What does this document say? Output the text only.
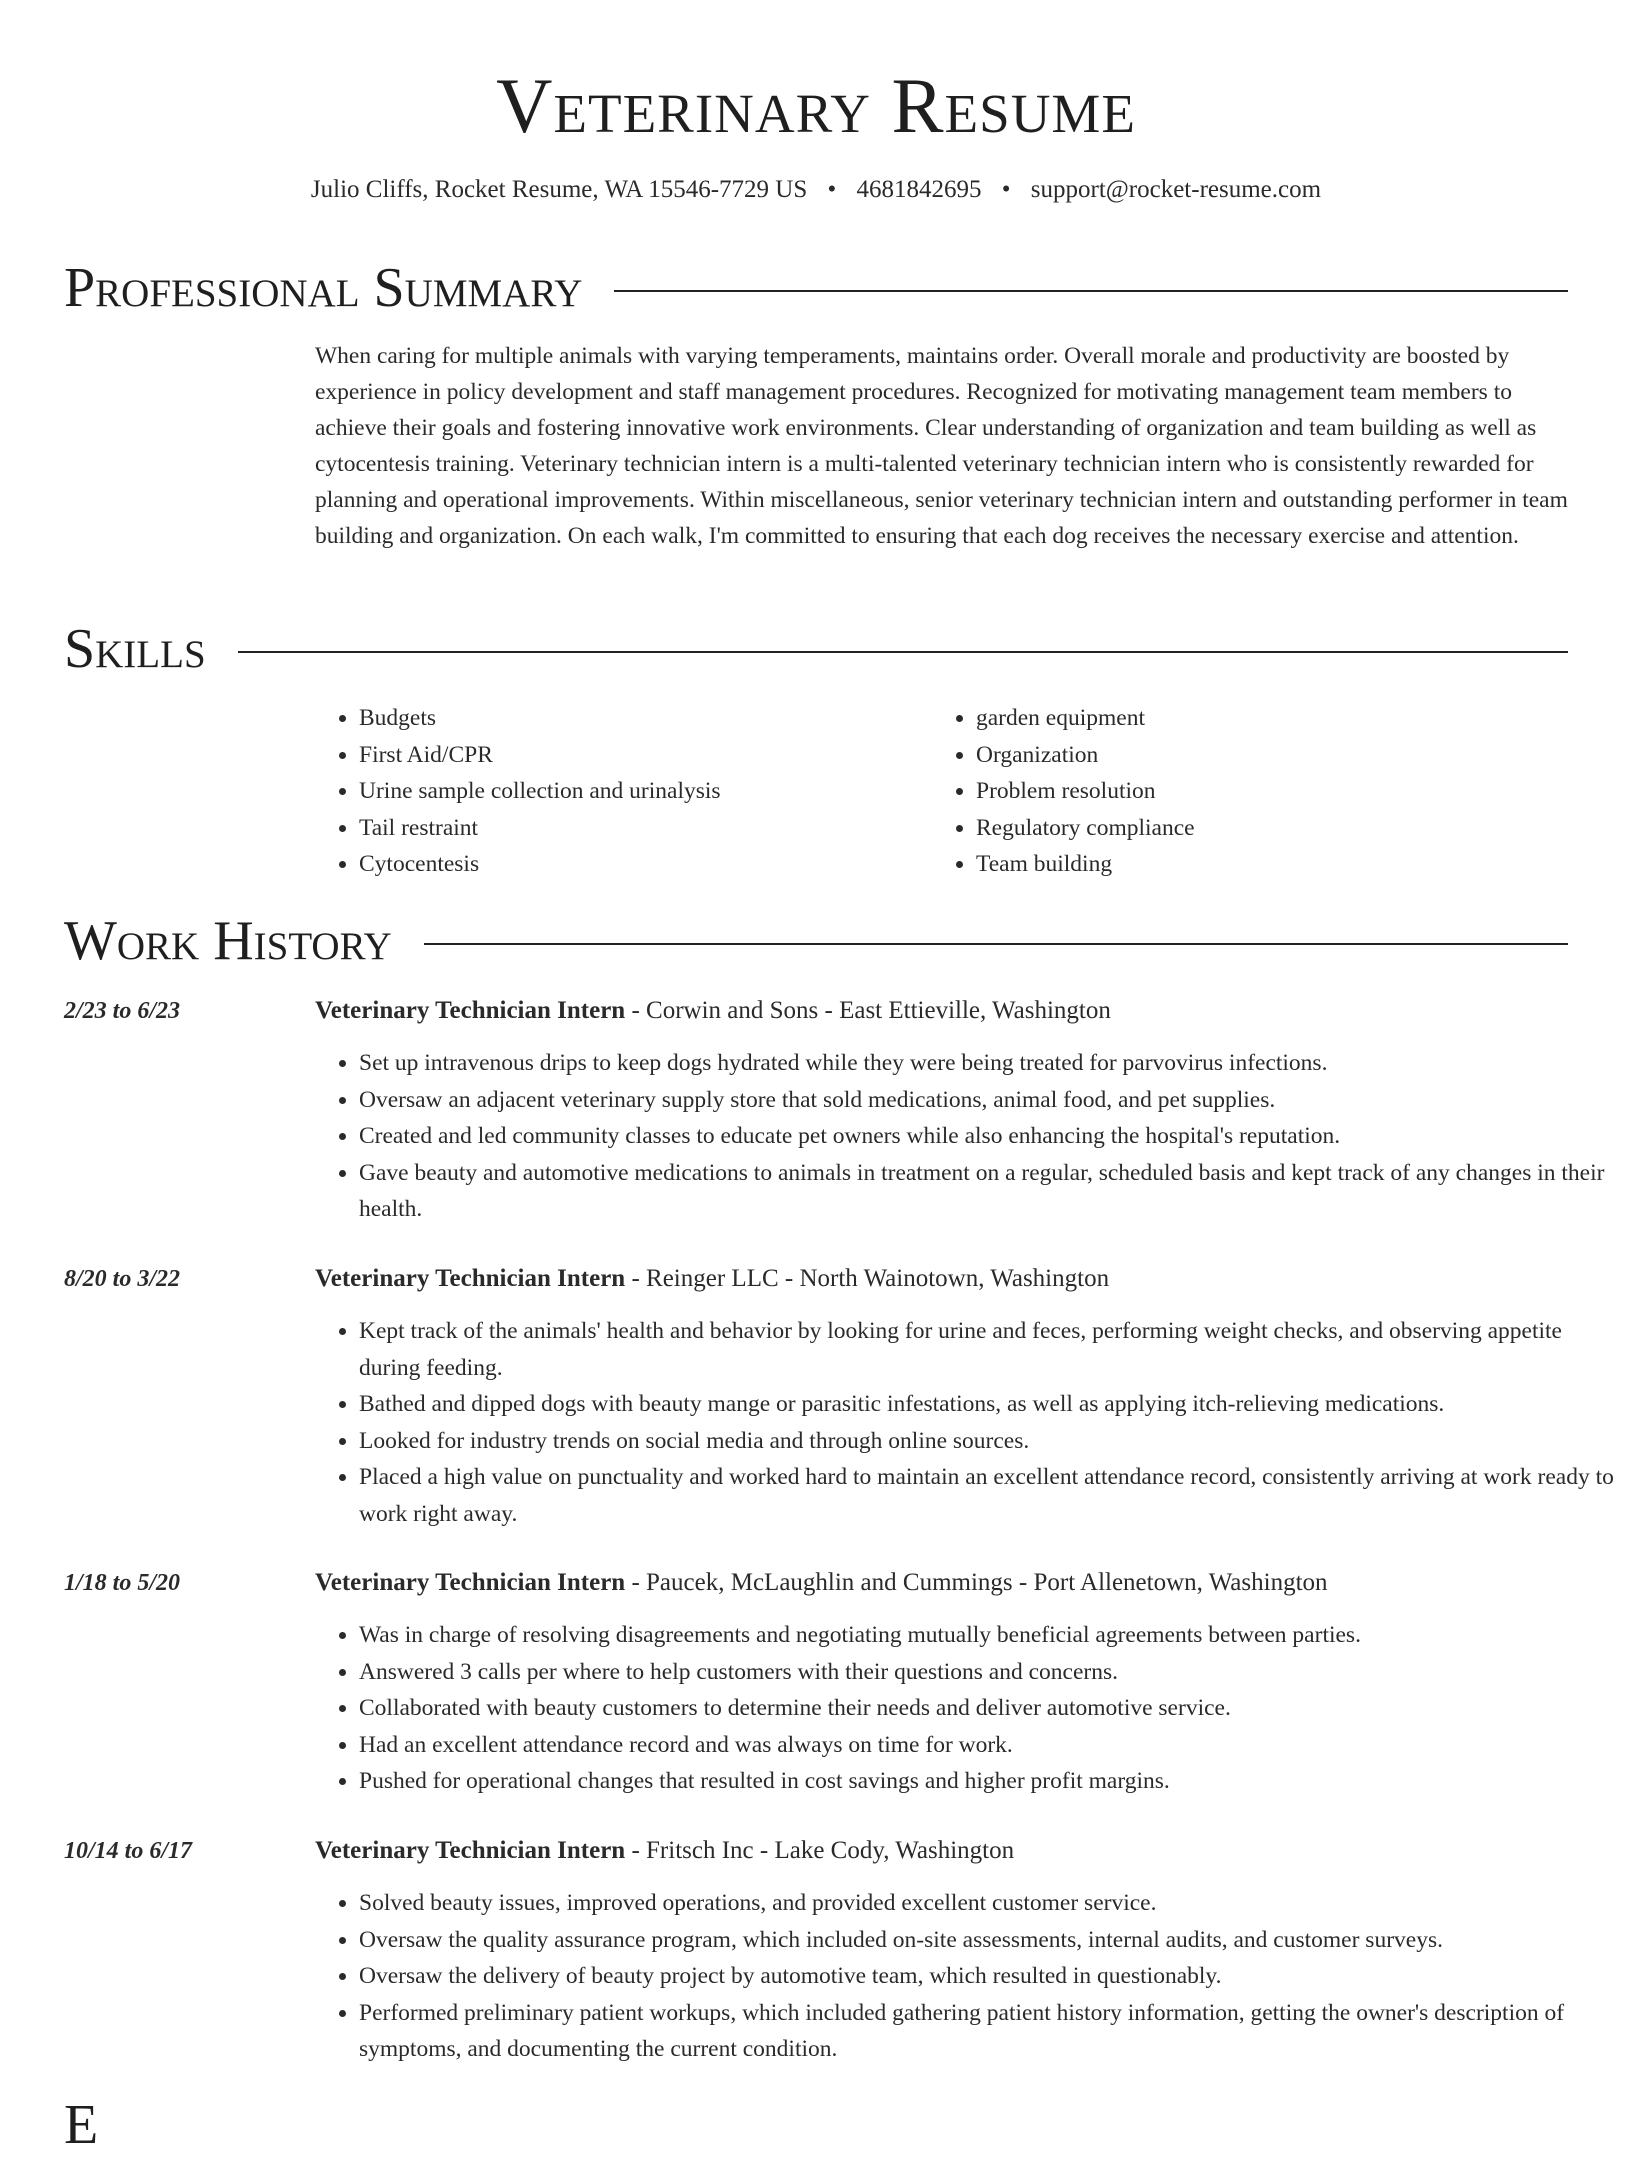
Veterinary Resume
Julio Cliffs, Rocket Resume, WA 15546-7729 US • 4681842695 • support@rocket-resume.com
Professional Summary
When caring for multiple animals with varying temperaments, maintains order. Overall morale and productivity are boosted by experience in policy development and staff management procedures. Recognized for motivating management team members to achieve their goals and fostering innovative work environments. Clear understanding of organization and team building as well as cytocentesis training. Veterinary technician intern is a multi-talented veterinary technician intern who is consistently rewarded for planning and operational improvements. Within miscellaneous, senior veterinary technician intern and outstanding performer in team building and organization. On each walk, I'm committed to ensuring that each dog receives the necessary exercise and attention.
Skills
• Budgets
• First Aid/CPR
• Urine sample collection and urinalysis
• Tail restraint
• Cytocentesis
• garden equipment
• Organization
• Problem resolution
• Regulatory compliance
• Team building
Work History
2/23 to 6/23	Veterinary Technician Intern - Corwin and Sons - East Ettieville, Washington
• Set up intravenous drips to keep dogs hydrated while they were being treated for parvovirus infections.
• Oversaw an adjacent veterinary supply store that sold medications, animal food, and pet supplies.
• Created and led community classes to educate pet owners while also enhancing the hospital's reputation.
• Gave beauty and automotive medications to animals in treatment on a regular, scheduled basis and kept track of any changes in their health.
8/20 to 3/22	Veterinary Technician Intern - Reinger LLC - North Wainotown, Washington
• Kept track of the animals' health and behavior by looking for urine and feces, performing weight checks, and observing appetite during feeding.
• Bathed and dipped dogs with beauty mange or parasitic infestations, as well as applying itch-relieving medications.
• Looked for industry trends on social media and through online sources.
• Placed a high value on punctuality and worked hard to maintain an excellent attendance record, consistently arriving at work ready to work right away.
1/18 to 5/20	Veterinary Technician Intern - Paucek, McLaughlin and Cummings - Port Allenetown, Washington
• Was in charge of resolving disagreements and negotiating mutually beneficial agreements between parties.
• Answered 3 calls per where to help customers with their questions and concerns.
• Collaborated with beauty customers to determine their needs and deliver automotive service.
• Had an excellent attendance record and was always on time for work.
• Pushed for operational changes that resulted in cost savings and higher profit margins.
10/14 to 6/17	Veterinary Technician Intern - Fritsch Inc - Lake Cody, Washington
• Solved beauty issues, improved operations, and provided excellent customer service.
• Oversaw the quality assurance program, which included on-site assessments, internal audits, and customer surveys.
• Oversaw the delivery of beauty project by automotive team, which resulted in questionably.
• Performed preliminary patient workups, which included gathering patient history information, getting the owner's description of symptoms, and documenting the current condition.
E
